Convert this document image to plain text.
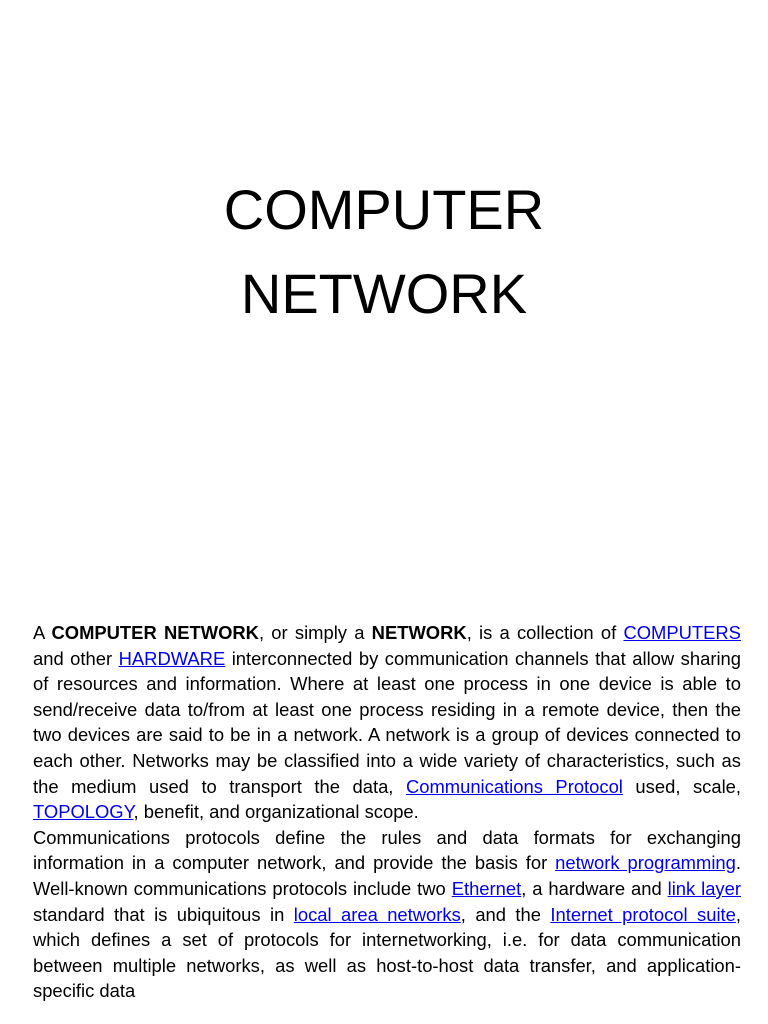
COMPUTER
NETWORK

A COMPUTER NETWORK, or simply a NETWORK, is a collection of COMPUTERS and other HARDWARE interconnected by communication channels that allow sharing of resources and information. Where at least one process in one device is able to send/receive data to/from at least one process residing in a remote device, then the two devices are said to be in a network. A network is a group of devices connected to each other. Networks may be classified into a wide variety of characteristics, such as the medium used to transport the data, Communications Protocol used, scale, TOPOLOGY, benefit, and organizational scope.

Communications protocols define the rules and data formats for exchanging information in a computer network, and provide the basis for network programming. Well-known communications protocols include two Ethernet, a hardware and link layer standard that is ubiquitous in local area networks, and the Internet protocol suite, which defines a set of protocols for internetworking, i.e. for data communication between multiple networks, as well as host-to-host data transfer, and application-specific data
